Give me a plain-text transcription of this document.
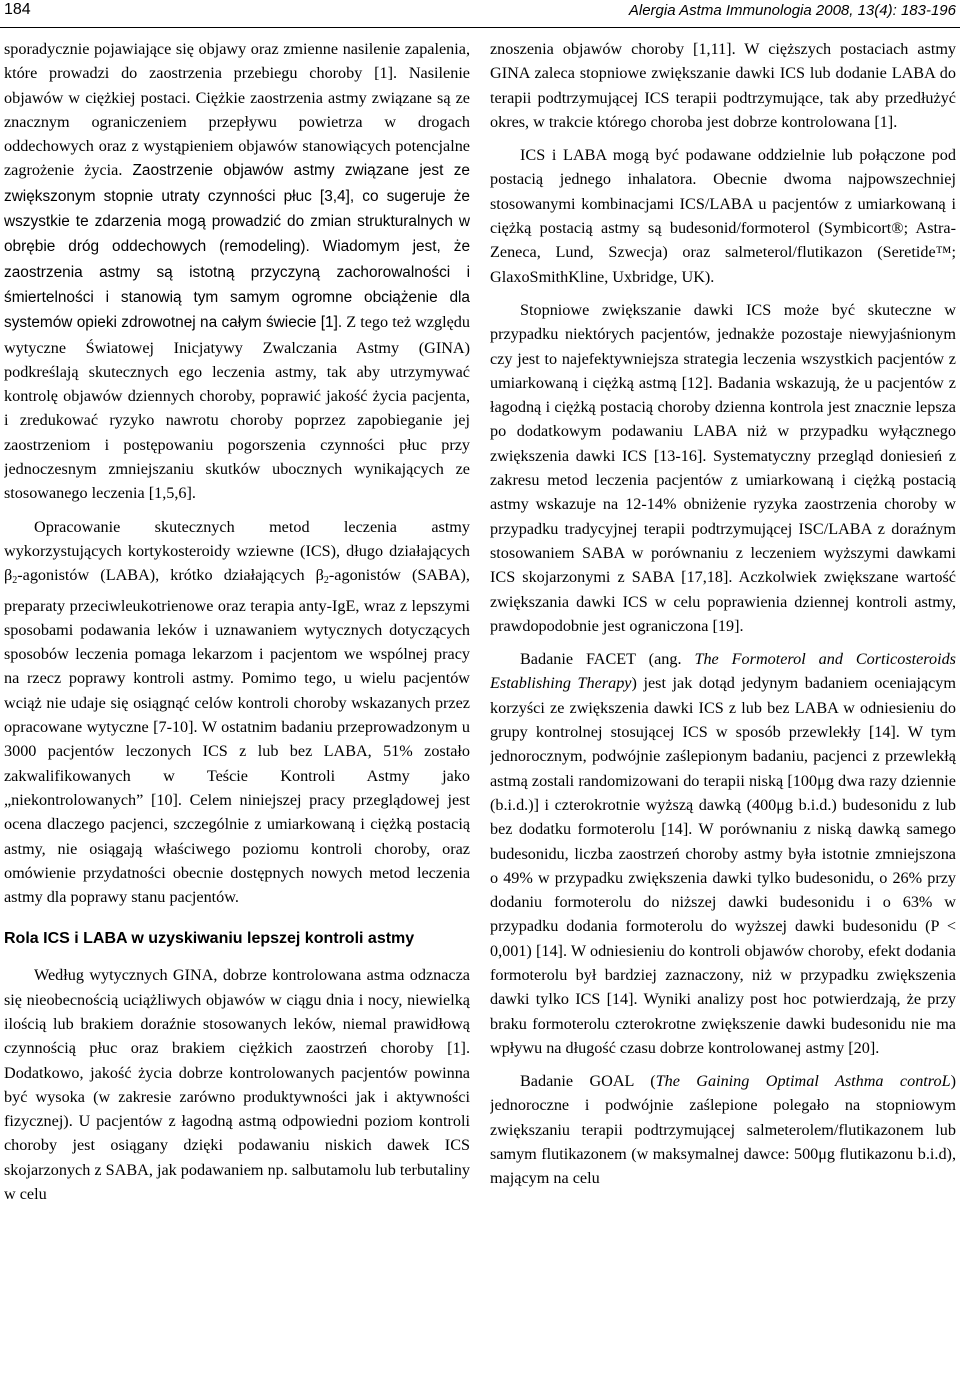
184	Alergia Astma Immunologia 2008, 13(4): 183-196

sporadycznie pojawiające się objawy oraz zmienne nasilenie zapalenia, które prowadzi do zaostrzenia przebiegu choroby [1]. Nasilenie objawów w ciężkiej postaci. Ciężkie zaostrzenia astmy związane są ze znacznym ograniczeniem przepływu powietrza w drogach oddechowych oraz z wystąpieniem objawów stanowiących potencjalne zagrożenie życia. Zaostrzenie objawów astmy związane jest ze zwiększonym stopnie utraty czynności płuc [3,4], co sugeruje że wszystkie te zdarzenia mogą prowadzić do zmian strukturalnych w obrębie dróg oddechowych (remodeling). Wiadomym jest, że zaostrzenia astmy są istotną przyczyną zachorowalności i śmiertelności i stanowią tym samym ogromne obciążenie dla systemów opieki zdrowotnej na całym świecie [1]. Z tego też względu wytyczne Światowej Inicjatywy Zwalczania Astmy (GINA) podkreślają skutecznych ego leczenia astmy, tak aby utrzymywać kontrolę objawów dziennych choroby, poprawić jakość życia pacjenta, i zredukować ryzyko nawrotu choroby poprzez zapobieganie jej zaostrzeniom i postępowaniu pogorszenia czynności płuc przy jednoczesnym zmniejszaniu skutków ubocznych wynikających ze stosowanego leczenia [1,5,6].

Opracowanie skutecznych metod leczenia astmy wykorzystujących kortykosteroidy wziewne (ICS), długo działających $\beta_2$-agonistów (LABA), krótko działających $\beta_2$-agonistów (SABA), preparaty przeciwleukotrienowe oraz terapia anty-IgE, wraz z lepszymi sposobami podawania leków i uznawaniem wytycznych dotyczących sposobów leczenia pomaga lekarzom i pacjentom we wspólnej pracy na rzecz poprawy kontroli astmy. Pomimo tego, u wielu pacjentów wciąż nie udaje się osiągnąć celów kontroli choroby wskazanych przez opracowane wytyczne [7-10]. W ostatnim badaniu przeprowadzonym u 3000 pacjentów leczonych ICS z lub bez LABA, 51% zostało zakwalifikowanych w Teście Kontroli Astmy jako „niekontrolowanych” [10]. Celem niniejszej pracy przeglądowej jest ocena dlaczego pacjenci, szczególnie z umiarkowaną i ciężką postacią astmy, nie osiągają właściwego poziomu kontroli choroby, oraz omówienie przydatności obecnie dostępnych nowych metod leczenia astmy dla poprawy stanu pacjentów.

Rola ICS i LABA w uzyskiwaniu lepszej kontroli astmy

Według wytycznych GINA, dobrze kontrolowana astma odznacza się nieobecnością uciążliwych objawów w ciągu dnia i nocy, niewielką ilością lub brakiem doraźnie stosowanych leków, niemal prawidłową czynnością płuc oraz brakiem ciężkich zaostrzeń choroby [1]. Dodatkowo, jakość życia dobrze kontrolowanych pacjentów powinna być wysoka (w zakresie zarówno produktywności jak i aktywności fizycznej). U pacjentów z łagodną astmą odpowiedni poziom kontroli choroby jest osiągany dzięki podawaniu niskich dawek ICS skojarzonych z SABA, jak podawaniem np. salbutamolu lub terbutaliny w celu

znoszenia objawów choroby [1,11]. W cięższych postaciach astmy GINA zaleca stopniowe zwiększanie dawki ICS lub dodanie LABA do terapii podtrzymującej ICS terapii podtrzymujące, tak aby przedłużyć okres, w trakcie którego choroba jest dobrze kontrolowana [1].

ICS i LABA mogą być podawane oddzielnie lub połączone pod postacią jednego inhalatora. Obecnie dwoma najpowszechniej stosowanymi kombinacjami ICS/LABA u pacjentów z umiarkowaną i ciężką postacią astmy są budesonid/formoterol (Symbicort®; Astra-Zeneca, Lund, Szwecja) oraz salmeterol/flutikazon (Seretide™; GlaxoSmithKline, Uxbridge, UK).

Stopniowe zwiększanie dawki ICS może być skuteczne w przypadku niektórych pacjentów, jednakże pozostaje niewyjaśnionym czy jest to najefektywniejsza strategia leczenia wszystkich pacjentów z umiarkowaną i ciężką astmą [12]. Badania wskazują, że u pacjentów z łagodną i ciężką postacią choroby dzienna kontrola jest znacznie lepsza po dodatkowym podawaniu LABA niż w przypadku wyłącznego zwiększenia dawki ICS [13-16]. Systematyczny przegląd doniesień z zakresu metod leczenia pacjentów z umiarkowaną i ciężką postacią astmy wskazuje na 12-14% obniżenie ryzyka zaostrzenia choroby w przypadku tradycyjnej terapii podtrzymującej ISC/LABA z doraźnym stosowaniem SABA w porównaniu z leczeniem wyższymi dawkami ICS skojarzonymi z SABA [17,18]. Aczkolwiek zwiększane wartość zwiększania dawki ICS w celu poprawienia dziennej kontroli astmy, prawdopodobnie jest ograniczona [19].

Badanie FACET (ang. The Formoterol and Corticosteroids Establishing Therapy) jest jak dotąd jedynym badaniem oceniającym korzyści ze zwiększenia dawki ICS z lub bez LABA w odniesieniu do grupy kontrolnej stosującej ICS w sposób przewlekły [14]. W tym jednorocznym, podwójnie zaślepionym badaniu, pacjenci z przewlekłą astmą zostali randomizowani do terapii niską [100μg dwa razy dziennie (b.i.d.)] i czterokrotnie wyższą dawką (400μg b.i.d.) budesonidu z lub bez dodatku formoterolu [14]. W porównaniu z niską dawką samego budesonidu, liczba zaostrzeń choroby astmy była istotnie zmniejszona o 49% w przypadku zwiększenia dawki tylko budesonidu, o 26% przy dodaniu formoterolu do niższej dawki budesonidu i o 63% w przypadku dodania formoterolu do wyższej dawki budesonidu (P < 0,001) [14]. W odniesieniu do kontroli objawów choroby, efekt dodania formoterolu był bardziej zaznaczony, niż w przypadku zwiększenia dawki tylko ICS [14]. Wyniki analizy post hoc potwierdzają, że przy braku formoterolu czterokrotne zwiększenie dawki budesonidu nie ma wpływu na długość czasu dobrze kontrolowanej astmy [20].

Badanie GOAL (The Gaining Optimal Asthma controL) jednoroczne i podwójnie zaślepione polegało na stopniowym zwiększaniu terapii podtrzymującej salmeterolem/flutikazonem lub samym flutikazonem (w maksymalnej dawce: 500μg flutikazonu b.i.d), mającym na celu
